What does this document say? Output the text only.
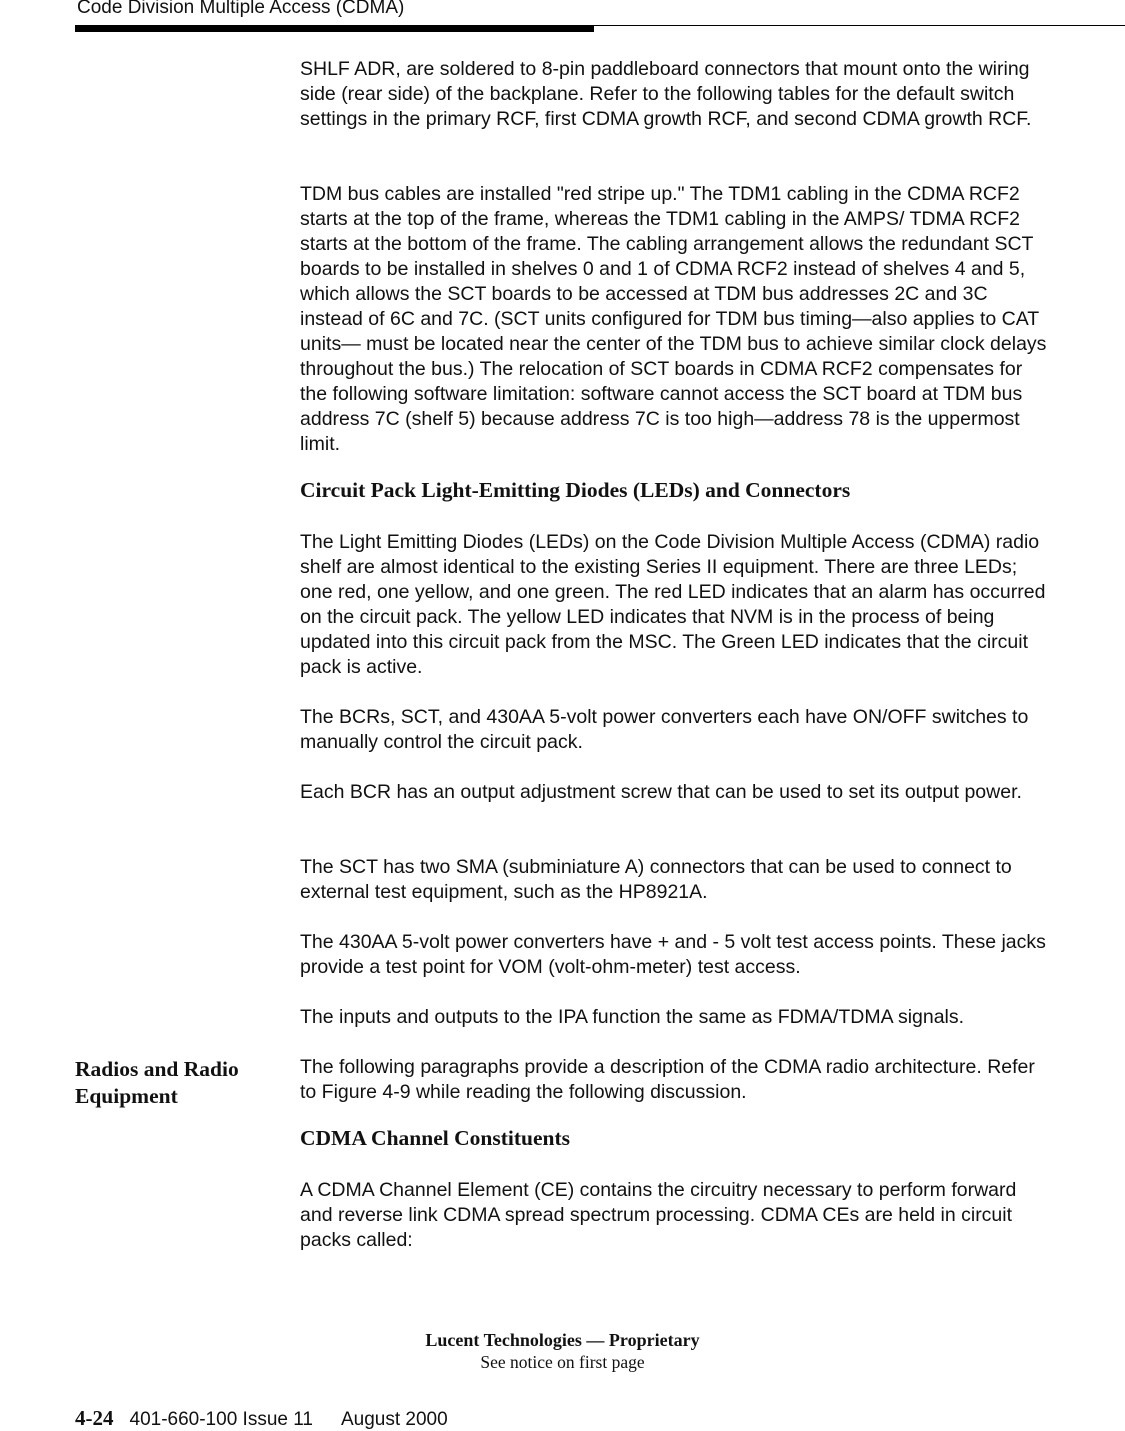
Code Division Multiple Access (CDMA)

SHLF ADR, are soldered to 8-pin paddleboard connectors that mount onto the wiring side (rear side) of the backplane. Refer to the following tables for the default switch settings in the primary RCF, first CDMA growth RCF, and second CDMA growth RCF.

TDM bus cables are installed "red stripe up." The TDM1 cabling in the CDMA RCF2 starts at the top of the frame, whereas the TDM1 cabling in the AMPS/ TDMA RCF2 starts at the bottom of the frame. The cabling arrangement allows the redundant SCT boards to be installed in shelves 0 and 1 of CDMA RCF2 instead of shelves 4 and 5, which allows the SCT boards to be accessed at TDM bus addresses 2C and 3C instead of 6C and 7C. (SCT units configured for TDM bus timing—also applies to CAT units— must be located near the center of the TDM bus to achieve similar clock delays throughout the bus.) The relocation of SCT boards in CDMA RCF2 compensates for the following software limitation: software cannot access the SCT board at TDM bus address 7C (shelf 5) because address 7C is too high—address 78 is the uppermost limit.

Circuit Pack Light-Emitting Diodes (LEDs) and Connectors

The Light Emitting Diodes (LEDs) on the Code Division Multiple Access (CDMA) radio shelf are almost identical to the existing Series II equipment. There are three LEDs; one red, one yellow, and one green. The red LED indicates that an alarm has occurred on the circuit pack. The yellow LED indicates that NVM is in the process of being updated into this circuit pack from the MSC. The Green LED indicates that the circuit pack is active.

The BCRs, SCT, and 430AA 5-volt power converters each have ON/OFF switches to manually control the circuit pack.

Each BCR has an output adjustment screw that can be used to set its output power.

The SCT has two SMA (subminiature A) connectors that can be used to connect to external test equipment, such as the HP8921A.

The 430AA 5-volt power converters have + and - 5 volt test access points. These jacks provide a test point for VOM (volt-ohm-meter) test access.

The inputs and outputs to the IPA function the same as FDMA/TDMA signals.

Radios and Radio
Equipment

The following paragraphs provide a description of the CDMA radio architecture. Refer to Figure 4-9 while reading the following discussion.

CDMA Channel Constituents

A CDMA Channel Element (CE) contains the circuitry necessary to perform forward and reverse link CDMA spread spectrum processing. CDMA CEs are held in circuit packs called:

Lucent Technologies — Proprietary
See notice on first page
4-24 401-660-100 Issue 11 August 2000
